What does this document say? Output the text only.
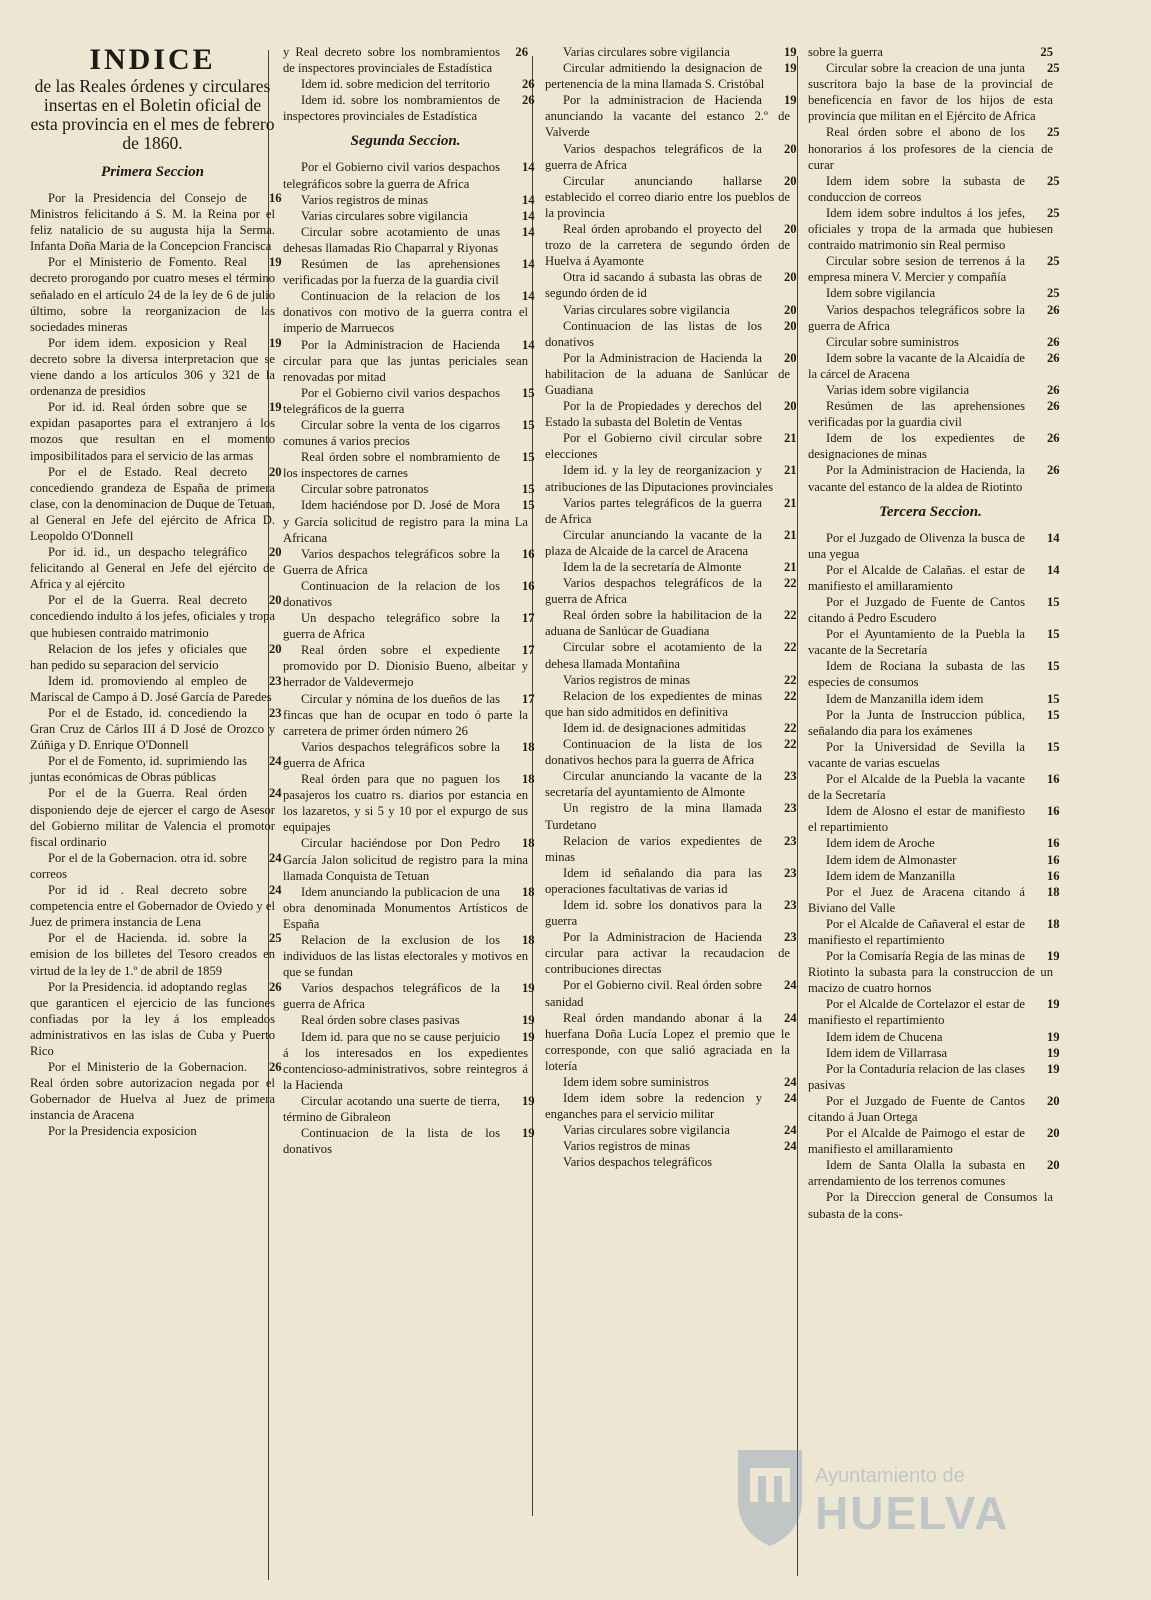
INDICE
de las Reales órdenes y circulares insertas en el Boletin oficial de esta provincia en el mes de febrero de 1860.
Primera Seccion

16
Por la Presidencia del Consejo de Ministros felicitando á S. M. la Reina por el feliz natalicio de su augusta hija la Serma. Infanta Doña Maria de la Concepcion Francisca

19
Por el Ministerio de Fomento. Real decreto prorogando por cuatro meses el término señalado en el artículo 24 de la ley de 6 de julio último, sobre la reorganizacion de las sociedades mineras

19
Por idem idem. exposicion y Real decreto sobre la diversa interpretacion que se viene dando a los artículos 306 y 321 de la ordenanza de presidios

19
Por id. id. Real órden sobre que se expidan pasaportes para el extranjero á los mozos que resultan en el momento imposibilitados para el servicio de las armas

20
Por el de Estado. Real decreto concediendo grandeza de España de primera clase, con la denominacion de Duque de Tetuan, al General en Jefe del ejército de Africa D. Leopoldo O'Donnell

20
Por id. id., un despacho telegráfico felicitando al General en Jefe del ejército de Africa y al ejército

20
Por el de la Guerra. Real decreto concediendo indulto á los jefes, oficiales y tropa que hubiesen contraido matrimonio

20
Relacion de los jefes y oficiales que han pedido su separacion del servicio

23
Idem id. promoviendo al empleo de Mariscal de Campo á D. José García de Paredes

23
Por el de Estado, id. concediendo la Gran Cruz de Cárlos III á D José de Orozco y Zúñiga y D. Enrique O'Donnell

24
Por el de Fomento, id. suprimiendo las juntas económicas de Obras públicas

24
Por el de la Guerra. Real órden disponiendo deje de ejercer el cargo de Asesor del Gobierno militar de Valencia el promotor fiscal ordinario

24
Por el de la Gobernacion. otra id. sobre correos

24
Por id id . Real decreto sobre competencia entre el Gobernador de Oviedo y el Juez de primera instancia de Lena

25
Por el de Hacienda. id. sobre la emision de los billetes del Tesoro creados en virtud de la ley de 1.º de abril de 1859

26
Por la Presidencia. id adoptando reglas que garanticen el ejercicio de las funciones confiadas por la ley á los empleados administrativos en las islas de Cuba y Puerto Rico

26
Por el Ministerio de la Gobernacion. Real órden sobre autorizacion negada por el Gobernador de Huelva al Juez de primera instancia de Aracena

Por la Presidencia exposicion

26
y Real decreto sobre los nombramientos de inspectores provinciales de Estadística

26
Idem id. sobre medicion del territorio

26
Idem id. sobre los nombramientos de inspectores provinciales de Estadística

Segunda Seccion.

14
Por el Gobierno civil varios despachos telegráficos sobre la guerra de Africa

14
Varios registros de minas

14
Varias circulares sobre vigilancia

14
Circular sobre acotamiento de unas dehesas llamadas Rio Chaparral y Riyonas

14
Resúmen de las aprehensiones verificadas por la fuerza de la guardia civil

14
Continuacion de la relacion de los donativos con motivo de la guerra contra el imperio de Marruecos

14
Por la Administracion de Hacienda circular para que las juntas periciales sean renovadas por mitad

15
Por el Gobierno civil varios despachos telegráficos de la guerra

15
Circular sobre la venta de los cigarros comunes á varios precios

15
Real órden sobre el nombramiento de los inspectores de carnes

15
Circular sobre patronatos

15
Idem haciéndose por D. José de Mora y García solicitud de registro para la mina La Africana

16
Varios despachos telegráficos sobre la Guerra de Africa

16
Continuacion de la relacion de los donativos

17
Un despacho telegráfico sobre la guerra de Africa

17
Real órden sobre el expediente promovido por D. Dionisio Bueno, albeitar y herrador de Valdevermejo

17
Circular y nómina de los dueños de las fincas que han de ocupar en todo ó parte la carretera de primer órden número 26

18
Varios despachos telegráficos sobre la guerra de Africa

18
Real órden para que no paguen los pasajeros los cuatro rs. diarios por estancia en los lazaretos, y si 5 y 10 por el expurgo de sus equipajes

18
Circular haciéndose por Don Pedro García Jalon solicitud de registro para la mina llamada Conquista de Tetuan

18
Idem anunciando la publicacion de una obra denominada Monumentos Artísticos de España

18
Relacion de la exclusion de los individuos de las listas electorales y motivos en que se fundan

19
Varios despachos telegráficos de la guerra de Africa

19
Real órden sobre clases pasivas

19
Idem id. para que no se cause perjuicio á los interesados en los expedientes contencioso-administrativos, sobre reintegros á la Hacienda

19
Circular acotando una suerte de tierra, término de Gibraleon

19
Continuacion de la lista de los donativos

19
Varias circulares sobre vigilancia

19
Circular admitiendo la designacion de pertenencia de la mina llamada S. Cristóbal

19
Por la administracion de Hacienda anunciando la vacante del estanco 2.º de Valverde

20
Varios despachos telegráficos de la guerra de Africa

20
Circular anunciando hallarse establecido el correo diario entre los pueblos de la provincia

20
Real órden aprobando el proyecto del trozo de la carretera de segundo órden de Huelva á Ayamonte

20
Otra id sacando á subasta las obras de segundo órden de id

20
Varias circulares sobre vigilancia

20
Continuacion de las listas de los donativos

20
Por la Administracion de Hacienda la habilitacion de la aduana de Sanlúcar de Guadiana

20
Por la de Propiedades y derechos del Estado la subasta del Boletin de Ventas

21
Por el Gobierno civil circular sobre elecciones

21
Idem id. y la ley de reorganizacion y atribuciones de las Diputaciones provinciales

21
Varios partes telegráficos de la guerra de Africa

21
Circular anunciando la vacante de la plaza de Alcaide de la carcel de Aracena

21
Idem la de la secretaría de Almonte

22
Varios despachos telegráficos de la guerra de Africa

22
Real órden sobre la habilitacion de la aduana de Sanlúcar de Guadiana

22
Circular sobre el acotamiento de la dehesa llamada Montañina

22
Varios registros de minas

22
Relacion de los expedientes de minas que han sido admitidos en definitiva

22
Idem id. de designaciones admitidas

22
Continuacion de la lista de los donativos hechos para la guerra de Africa

23
Circular anunciando la vacante de la secretaría del ayuntamiento de Almonte

23
Un registro de la mina llamada Turdetano

23
Relacion de varios expedientes de minas

23
Idem id señalando dia para las operaciones facultativas de varias id

23
Idem id. sobre los donativos para la guerra

23
Por la Administracion de Hacienda circular para activar la recaudacion de contribuciones directas

24
Por el Gobierno civil. Real órden sobre sanidad

24
Real órden mandando abonar á la huerfana Doña Lucía Lopez el premio que le corresponde, con que salió agraciada en la lotería

24
Idem idem sobre suministros

24
Idem idem sobre la redencion y enganches para el servicio militar

24
Varias circulares sobre vigilancia

24
Varios registros de minas

Varios despachos telegráficos

25
sobre la guerra

25
Circular sobre la creacion de una junta suscritora bajo la base de la provincial de beneficencia en favor de los hijos de esta provincia que militan en el Ejército de Africa

25
Real órden sobre el abono de los honorarios á los profesores de la ciencia de curar

25
Idem idem sobre la subasta de conduccion de correos

25
Idem idem sobre indultos á los jefes, oficiales y tropa de la armada que hubiesen contraido matrimonio sin Real permiso

25
Circular sobre sesion de terrenos á la empresa minera V. Mercier y compañía

25
Idem sobre vigilancia

26
Varios despachos telegráficos sobre la guerra de Africa

26
Circular sobre suministros

26
Idem sobre la vacante de la Alcaidía de la cárcel de Aracena

26
Varias idem sobre vigilancia

26
Resúmen de las aprehensiones verificadas por la guardia civil

26
Idem de los expedientes de designaciones de minas

26
Por la Administracion de Hacienda, la vacante del estanco de la aldea de Riotinto

Tercera Seccion.

14
Por el Juzgado de Olivenza la busca de una yegua

14
Por el Alcalde de Calañas. el estar de manifiesto el amillaramiento

15
Por el Juzgado de Fuente de Cantos citando á Pedro Escudero

15
Por el Ayuntamiento de la Puebla la vacante de la Secretaría

15
Idem de Rociana la subasta de las especies de consumos

15
Idem de Manzanilla idem idem

15
Por la Junta de Instruccion pública, señalando dia para los exámenes

15
Por la Universidad de Sevilla la vacante de varias escuelas

16
Por el Alcalde de la Puebla la vacante de la Secretaría

16
Idem de Alosno el estar de manifiesto el repartimiento

16
Idem idem de Aroche

16
Idem idem de Almonaster

16
Idem idem de Manzanilla

18
Por el Juez de Aracena citando á Biviano del Valle

18
Por el Alcalde de Cañaveral el estar de manifiesto el repartimiento

19
Por la Comisaría Regia de las minas de Riotinto la subasta para la construccion de un macizo de cuatro hornos

19
Por el Alcalde de Cortelazor el estar de manifiesto el repartimiento

19
Idem idem de Chucena

19
Idem idem de Villarrasa

19
Por la Contaduría relacion de las clases pasivas

20
Por el Juzgado de Fuente de Cantos citando á Juan Ortega

20
Por el Alcalde de Paimogo el estar de manifiesto el amillaramiento

20
Idem de Santa Olalla la subasta en arrendamiento de los terrenos comunes

Por la Direccion general de Consumos la subasta de la cons-

Ayuntamiento de
HUELVA
